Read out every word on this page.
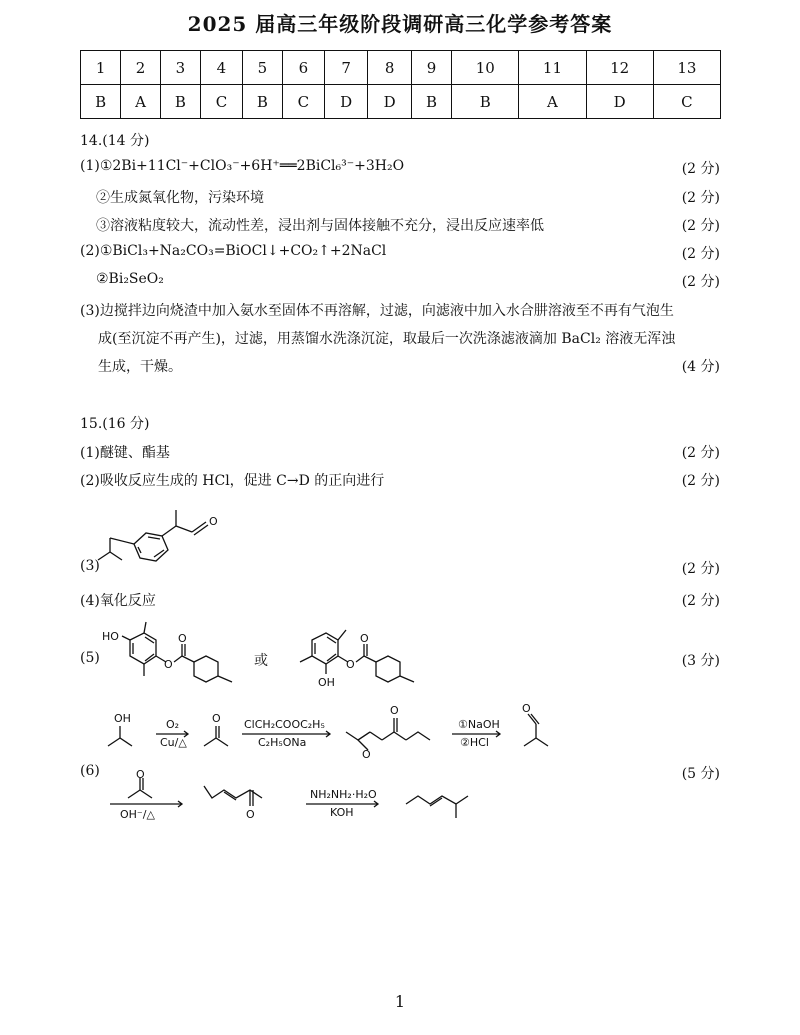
2025 届高三年级阶段调研高三化学参考答案
1	2	3	4	5	6	7	8	9	10	11	12	13
B	A	B	C	B	C	D	D	B	B	A	D	C
14.(14 分)
(1)①2Bi+11Cl⁻+ClO₃⁻+6H⁺══2BiCl₆³⁻+3H₂O	(2 分)
②生成氮氧化物，污染环境	(2 分)
③溶液粘度较大，流动性差，浸出剂与固体接触不充分，浸出反应速率低	(2 分)
(2)①BiCl₃+Na₂CO₃=BiOCl↓+CO₂↑+2NaCl	(2 分)
②Bi₂SeO₂	(2 分)
(3)边搅拌边向烧渣中加入氨水至固体不再溶解，过滤，向滤液中加入水合肼溶液至不再有气泡生
成(至沉淀不再产生)，过滤，用蒸馏水洗涤沉淀，取最后一次洗涤滤液滴加 BaCl₂ 溶液无浑浊
生成，干燥。	(4 分)
15.(16 分)
(1)醚键、酯基	(2 分)
(2)吸收反应生成的 HCl，促进 C→D 的正向进行	(2 分)
O
(3)	(2 分)
(4)氧化反应	(2 分)
(5)
HO
O
O
或
OH
O
O
(3 分)
OH	O₂
Cu/△
O ClCH₂COOC₂H₅
C₂H₅ONa
O
O
①NaOH
②HCl
O
(6)	(5 分)
O
OH⁻/△	O
NH₂NH₂·H₂O
KOH
1
